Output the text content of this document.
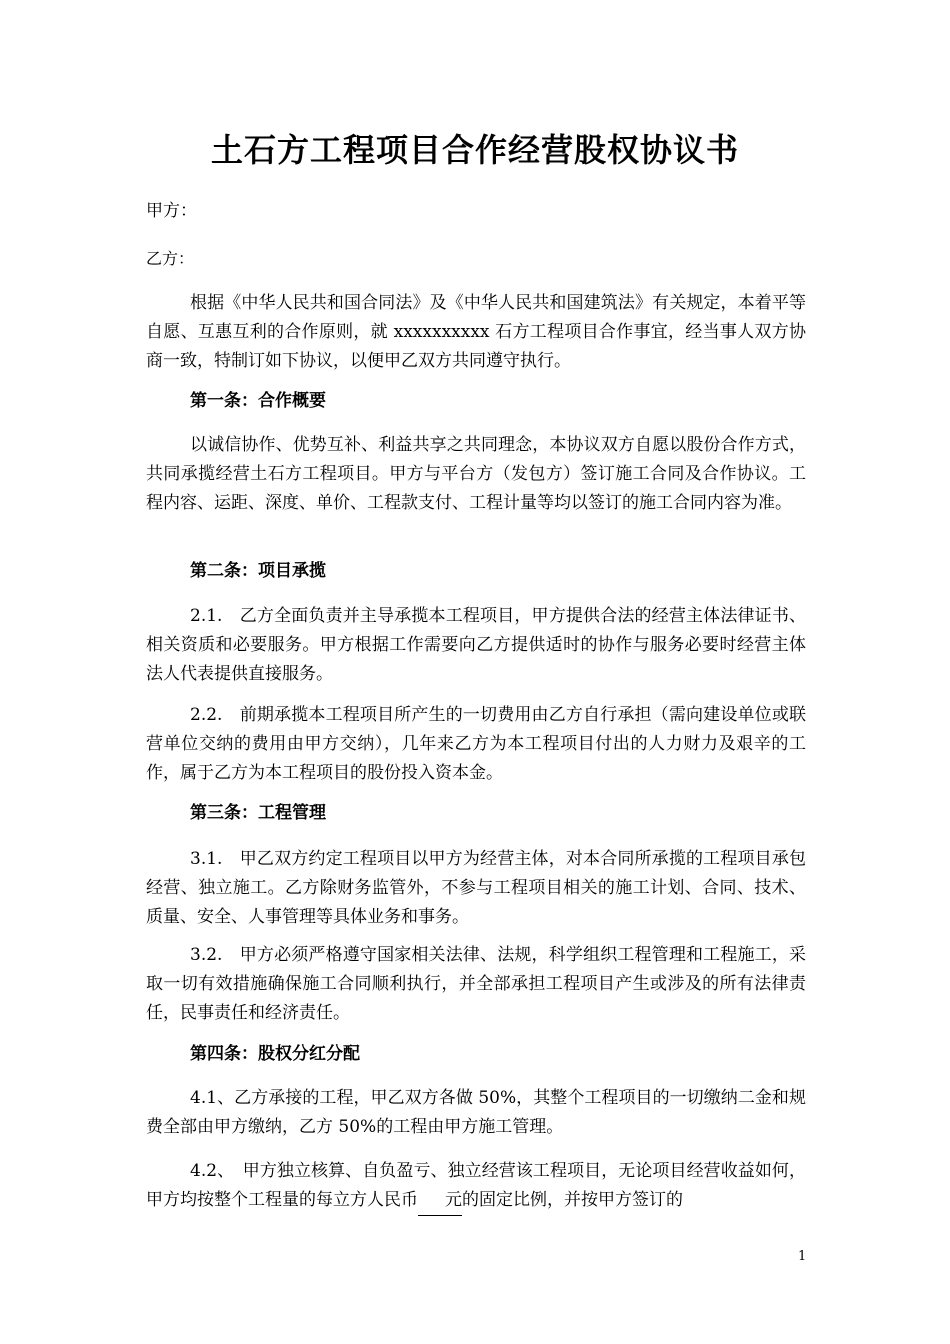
土石方工程项目合作经营股权协议书
甲方：
乙方：

根据《中华人民共和国合同法》及《中华人民共和国建筑法》有关规定，本着平等自愿、互惠互利的合作原则，就 xxxxxxxxxx 石方工程项目合作事宜，经当事人双方协商一致，特制订如下协议，以便甲乙双方共同遵守执行。

第一条：合作概要

以诚信协作、优势互补、利益共享之共同理念，本协议双方自愿以股份合作方式，共同承揽经营土石方工程项目。甲方与平台方（发包方）签订施工合同及合作协议。工程内容、运距、深度、单价、工程款支付、工程计量等均以签订的施工合同内容为准。

第二条：项目承揽

2.1.　乙方全面负责并主导承揽本工程项目，甲方提供合法的经营主体法律证书、相关资质和必要服务。甲方根据工作需要向乙方提供适时的协作与服务必要时经营主体法人代表提供直接服务。

2.2.　前期承揽本工程项目所产生的一切费用由乙方自行承担（需向建设单位或联营单位交纳的费用由甲方交纳），几年来乙方为本工程项目付出的人力财力及艰辛的工作，属于乙方为本工程项目的股份投入资本金。

第三条：工程管理

3.1.　甲乙双方约定工程项目以甲方为经营主体，对本合同所承揽的工程项目承包经营、独立施工。乙方除财务监管外，不参与工程项目相关的施工计划、合同、技术、质量、安全、人事管理等具体业务和事务。

3.2.　甲方必须严格遵守国家相关法律、法规，科学组织工程管理和工程施工，采取一切有效措施确保施工合同顺利执行，并全部承担工程项目产生或涉及的所有法律责任，民事责任和经济责任。

第四条：股权分红分配

4.1、乙方承接的工程，甲乙双方各做 50%，其整个工程项目的一切缴纳二金和规费全部由甲方缴纳，乙方 50%的工程由甲方施工管理。

4.2、　甲方独立核算、自负盈亏、独立经营该工程项目，无论项目经营收益如何，甲方均按整个工程量的每立方人民币 元的固定比例，并按甲方签订的

1
